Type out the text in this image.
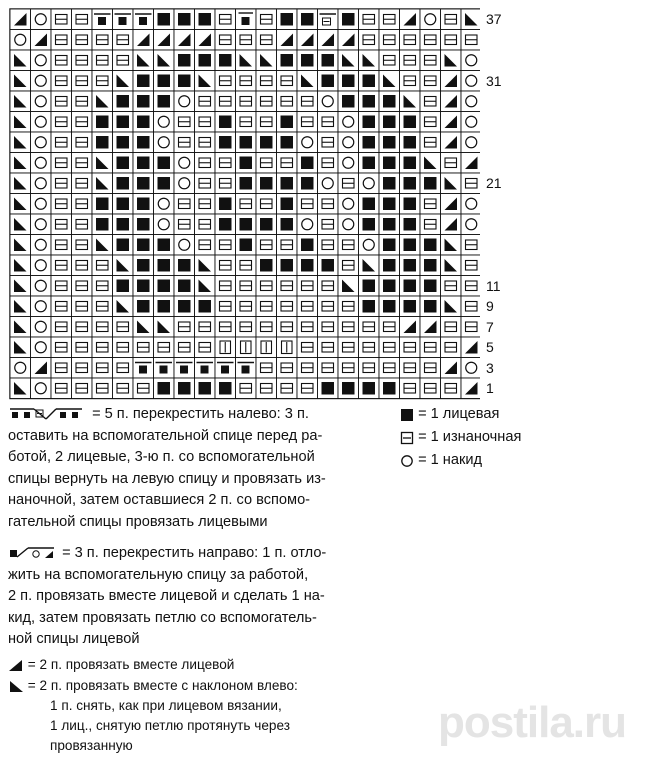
37
31
21
11
9
7
5
3
1

= 5 п. перекрестить налево: 3 п.

оставить на вспомогательной спице перед ра-

ботой, 2 лицевые, 3-ю п. со вспомогательной

спицы вернуть на левую спицу и провязать из-

наночной, затем оставшиеся 2 п. со вспомо-

гательной спицы провязать лицевыми

= 3 п. перекрестить направо: 1 п. отло-

жить на вспомогательную спицу за работой,

2 п. провязать вместе лицевой и сделать 1 на-

кид, затем провязать петлю со вспомогатель-

ной спицы лицевой

= 2 п. провязать вместе лицевой

= 2 п. провязать вместе с наклоном влево:

1 п. снять, как при лицевом вязании,

1 лиц., снятую петлю протянуть через

провязанную

= 1 лицевая
= 1 изнаночная
= 1 накид
postila.ru
